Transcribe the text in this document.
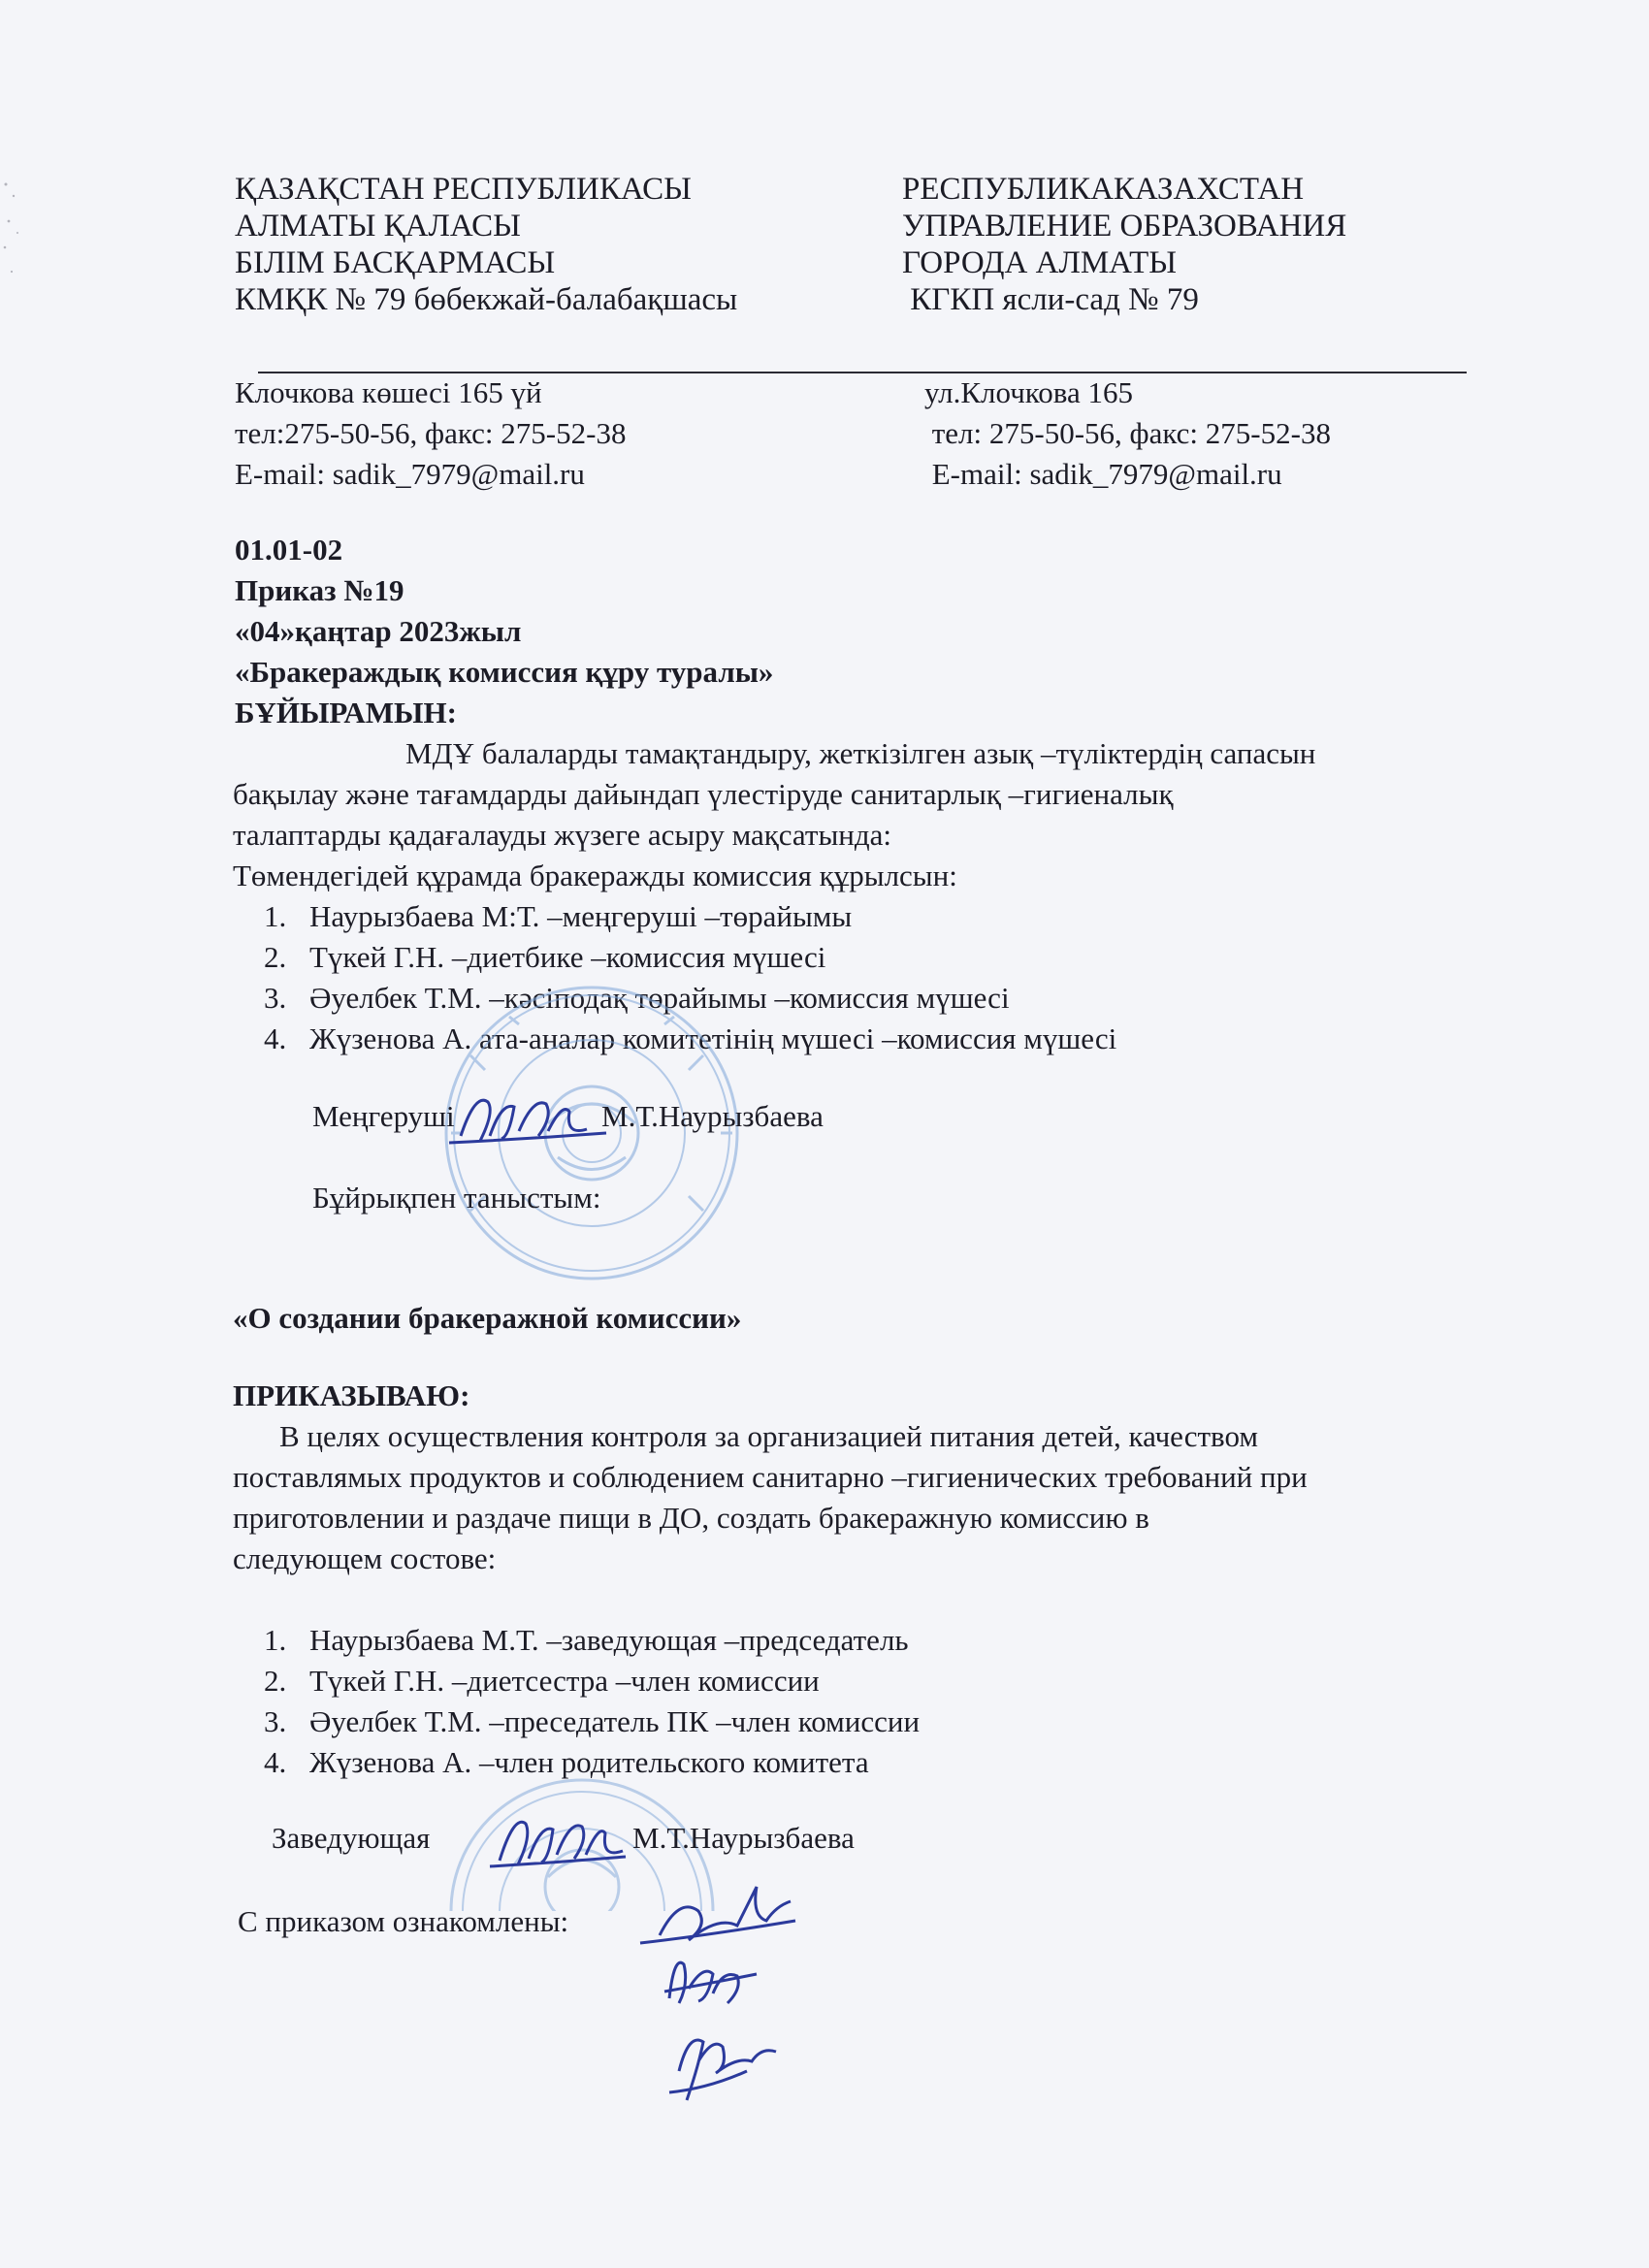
ҚАЗАҚСТАН РЕСПУБЛИКАСЫ
АЛМАТЫ ҚАЛАСЫ
БІЛІМ БАСҚАРМАСЫ
КМҚК № 79 бөбекжай-балабақшасы
РЕСПУБЛИКАКАЗАХСТАН
УПРАВЛЕНИЕ ОБРАЗОВАНИЯ
ГОРОДА АЛМАТЫ
КГКП ясли-сад № 79
Клочкова көшесі 165 үй
тел:275-50-56, факс: 275-52-38
E-mail: sadik_7979@mail.ru
ул.Клочкова 165
тел: 275-50-56, факс: 275-52-38
E-mail: sadik_7979@mail.ru
01.01-02
Приказ №19
«04»қаңтар 2023жыл
«Бракераждық комиссия құру туралы»
БҰЙЫРАМЫН:
МДҰ балаларды тамақтандыру, жеткізілген азық –түліктердің сапасын
бақылау және тағамдарды дайындап үлестіруде санитарлық –гигиеналық
талаптарды қадағалауды жүзеге асыру мақсатында:
Төмендегідей құрамда бракеражды комиссия құрылсын:
1. Наурызбаева М:Т. –меңгеруші –төрайымы
2. Түкей Г.Н. –диетбике –комиссия мүшесі
3. Әуелбек Т.М. –кәсіподақ төрайымы –комиссия мүшесі
4. Жүзенова А. ата-аналар комитетінің мүшесі –комиссия мүшесі
Меңгеруші	М.Т.Наурызбаева
Бұйрықпен таныстым:
«О создании бракеражной комиссии»
ПРИКАЗЫВАЮ:
В целях осуществления контроля за организацией питания детей, качеством
поставлямых продуктов и соблюдением санитарно –гигиенических требований при
приготовлении и раздаче пищи в ДО, создать бракеражную комиссию в
следующем состове:
1. Наурызбаева М.Т. –заведующая –председатель
2. Түкей Г.Н. –диетсестра –член комиссии
3. Әуелбек Т.М. –преседатель ПК –член комиссии
4. Жүзенова А. –член родительского комитета
Заведующая	М.Т.Наурызбаева
С приказом ознакомлены:
